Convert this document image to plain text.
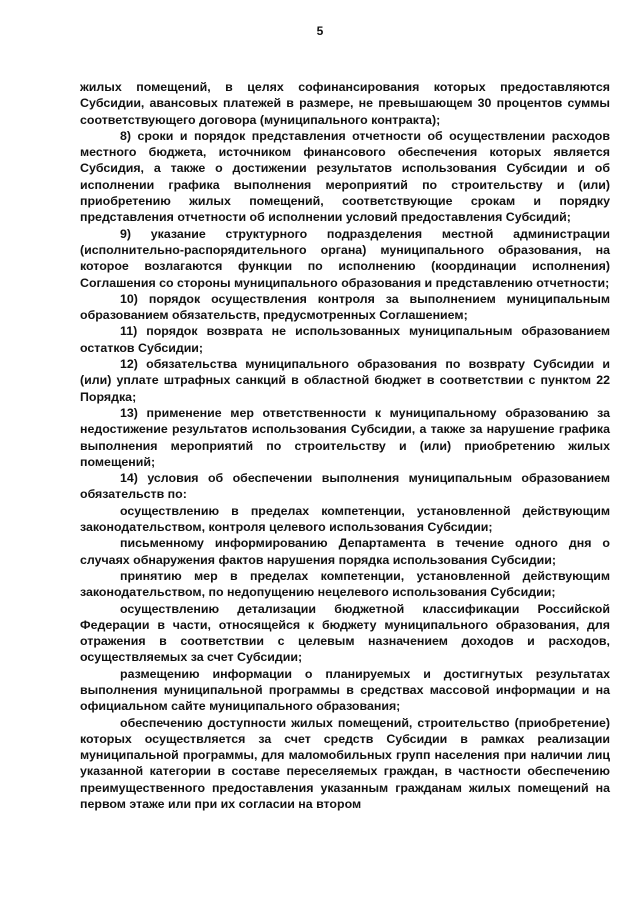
5

жилых помещений, в целях софинансирования которых предоставляются Субсидии, авансовых платежей в размере, не превышающем 30 процентов суммы соответствующего договора (муниципального контракта);

8) сроки и порядок представления отчетности об осуществлении расходов местного бюджета, источником финансового обеспечения которых является Субсидия, а также о достижении результатов использования Субсидии и об исполнении графика выполнения мероприятий по строительству и (или) приобретению жилых помещений, соответствующие срокам и порядку представления отчетности об исполнении условий предоставления Субсидий;

9) указание структурного подразделения местной администрации (исполнительно-распорядительного органа) муниципального образования, на которое возлагаются функции по исполнению (координации исполнения) Соглашения со стороны муниципального образования и представлению отчетности;

10) порядок осуществления контроля за выполнением муниципальным образованием обязательств, предусмотренных Соглашением;

11) порядок возврата не использованных муниципальным образованием остатков Субсидии;

12) обязательства муниципального образования по возврату Субсидии и (или) уплате штрафных санкций в областной бюджет в соответствии с пунктом 22 Порядка;

13) применение мер ответственности к муниципальному образованию за недостижение результатов использования Субсидии, а также за нарушение графика выполнения мероприятий по строительству и (или) приобретению жилых помещений;

14) условия об обеспечении выполнения муниципальным образованием обязательств по:

осуществлению в пределах компетенции, установленной действующим законодательством, контроля целевого использования Субсидии;

письменному информированию Департамента в течение одного дня о случаях обнаружения фактов нарушения порядка использования Субсидии;

принятию мер в пределах компетенции, установленной действующим законодательством, по недопущению нецелевого использования Субсидии;

осуществлению детализации бюджетной классификации Российской Федерации в части, относящейся к бюджету муниципального образования, для отражения в соответствии с целевым назначением доходов и расходов, осуществляемых за счет Субсидии;

размещению информации о планируемых и достигнутых результатах выполнения муниципальной программы в средствах массовой информации и на официальном сайте муниципального образования;

обеспечению доступности жилых помещений, строительство (приобретение) которых осуществляется за счет средств Субсидии в рамках реализации муниципальной программы, для маломобильных групп населения при наличии лиц указанной категории в составе переселяемых граждан, в частности обеспечению преимущественного предоставления указанным гражданам жилых помещений на первом этаже или при их согласии на втором
